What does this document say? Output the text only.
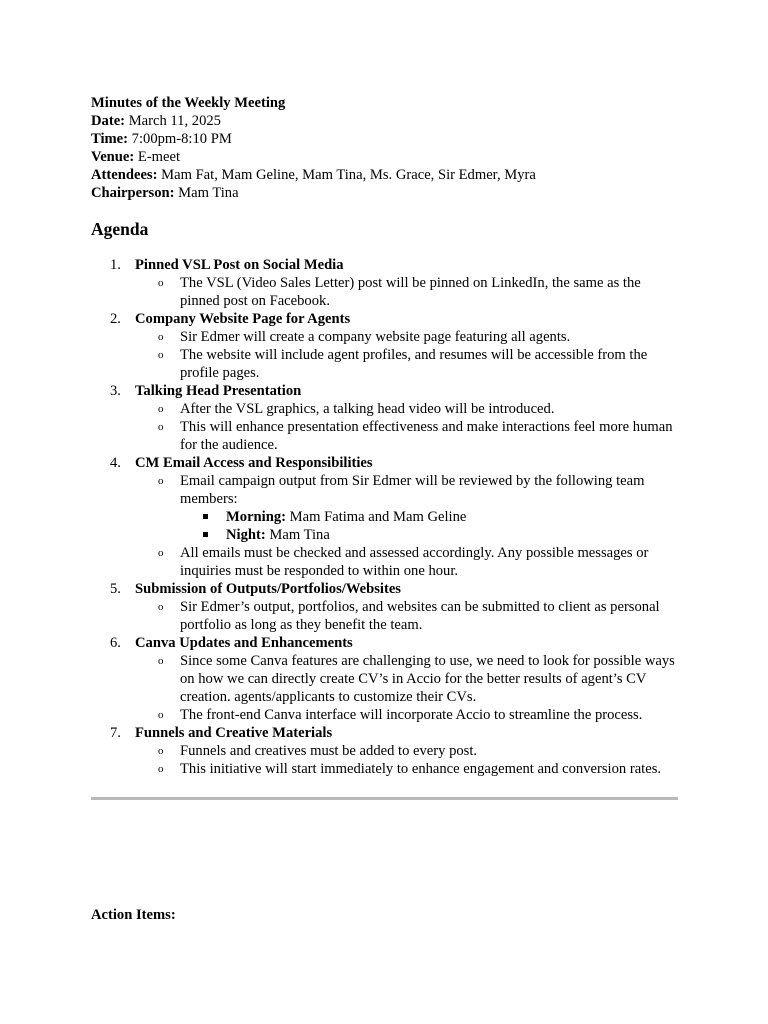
Minutes of the Weekly Meeting
Date: March 11, 2025
Time: 7:00pm-8:10 PM
Venue: E-meet
Attendees: Mam Fat, Mam Geline, Mam Tina, Ms. Grace, Sir Edmer, Myra
Chairperson: Mam Tina
Agenda
1. Pinned VSL Post on Social Media
o The VSL (Video Sales Letter) post will be pinned on LinkedIn, the same as the pinned post on Facebook.
2. Company Website Page for Agents
o Sir Edmer will create a company website page featuring all agents.
o The website will include agent profiles, and resumes will be accessible from the profile pages.
3. Talking Head Presentation
o After the VSL graphics, a talking head video will be introduced.
o This will enhance presentation effectiveness and make interactions feel more human for the audience.
4. CM Email Access and Responsibilities
o Email campaign output from Sir Edmer will be reviewed by the following team members:
Morning: Mam Fatima and Mam Geline
Night: Mam Tina
o All emails must be checked and assessed accordingly. Any possible messages or inquiries must be responded to within one hour.
5. Submission of Outputs/Portfolios/Websites
o Sir Edmer’s output, portfolios, and websites can be submitted to client as personal portfolio as long as they benefit the team.
6. Canva Updates and Enhancements
o Since some Canva features are challenging to use, we need to look for possible ways on how we can directly create CV’s in Accio for the better results of agent’s CV creation. agents/applicants to customize their CVs.
o The front-end Canva interface will incorporate Accio to streamline the process.
7. Funnels and Creative Materials
o Funnels and creatives must be added to every post.
o This initiative will start immediately to enhance engagement and conversion rates.
Action Items:
